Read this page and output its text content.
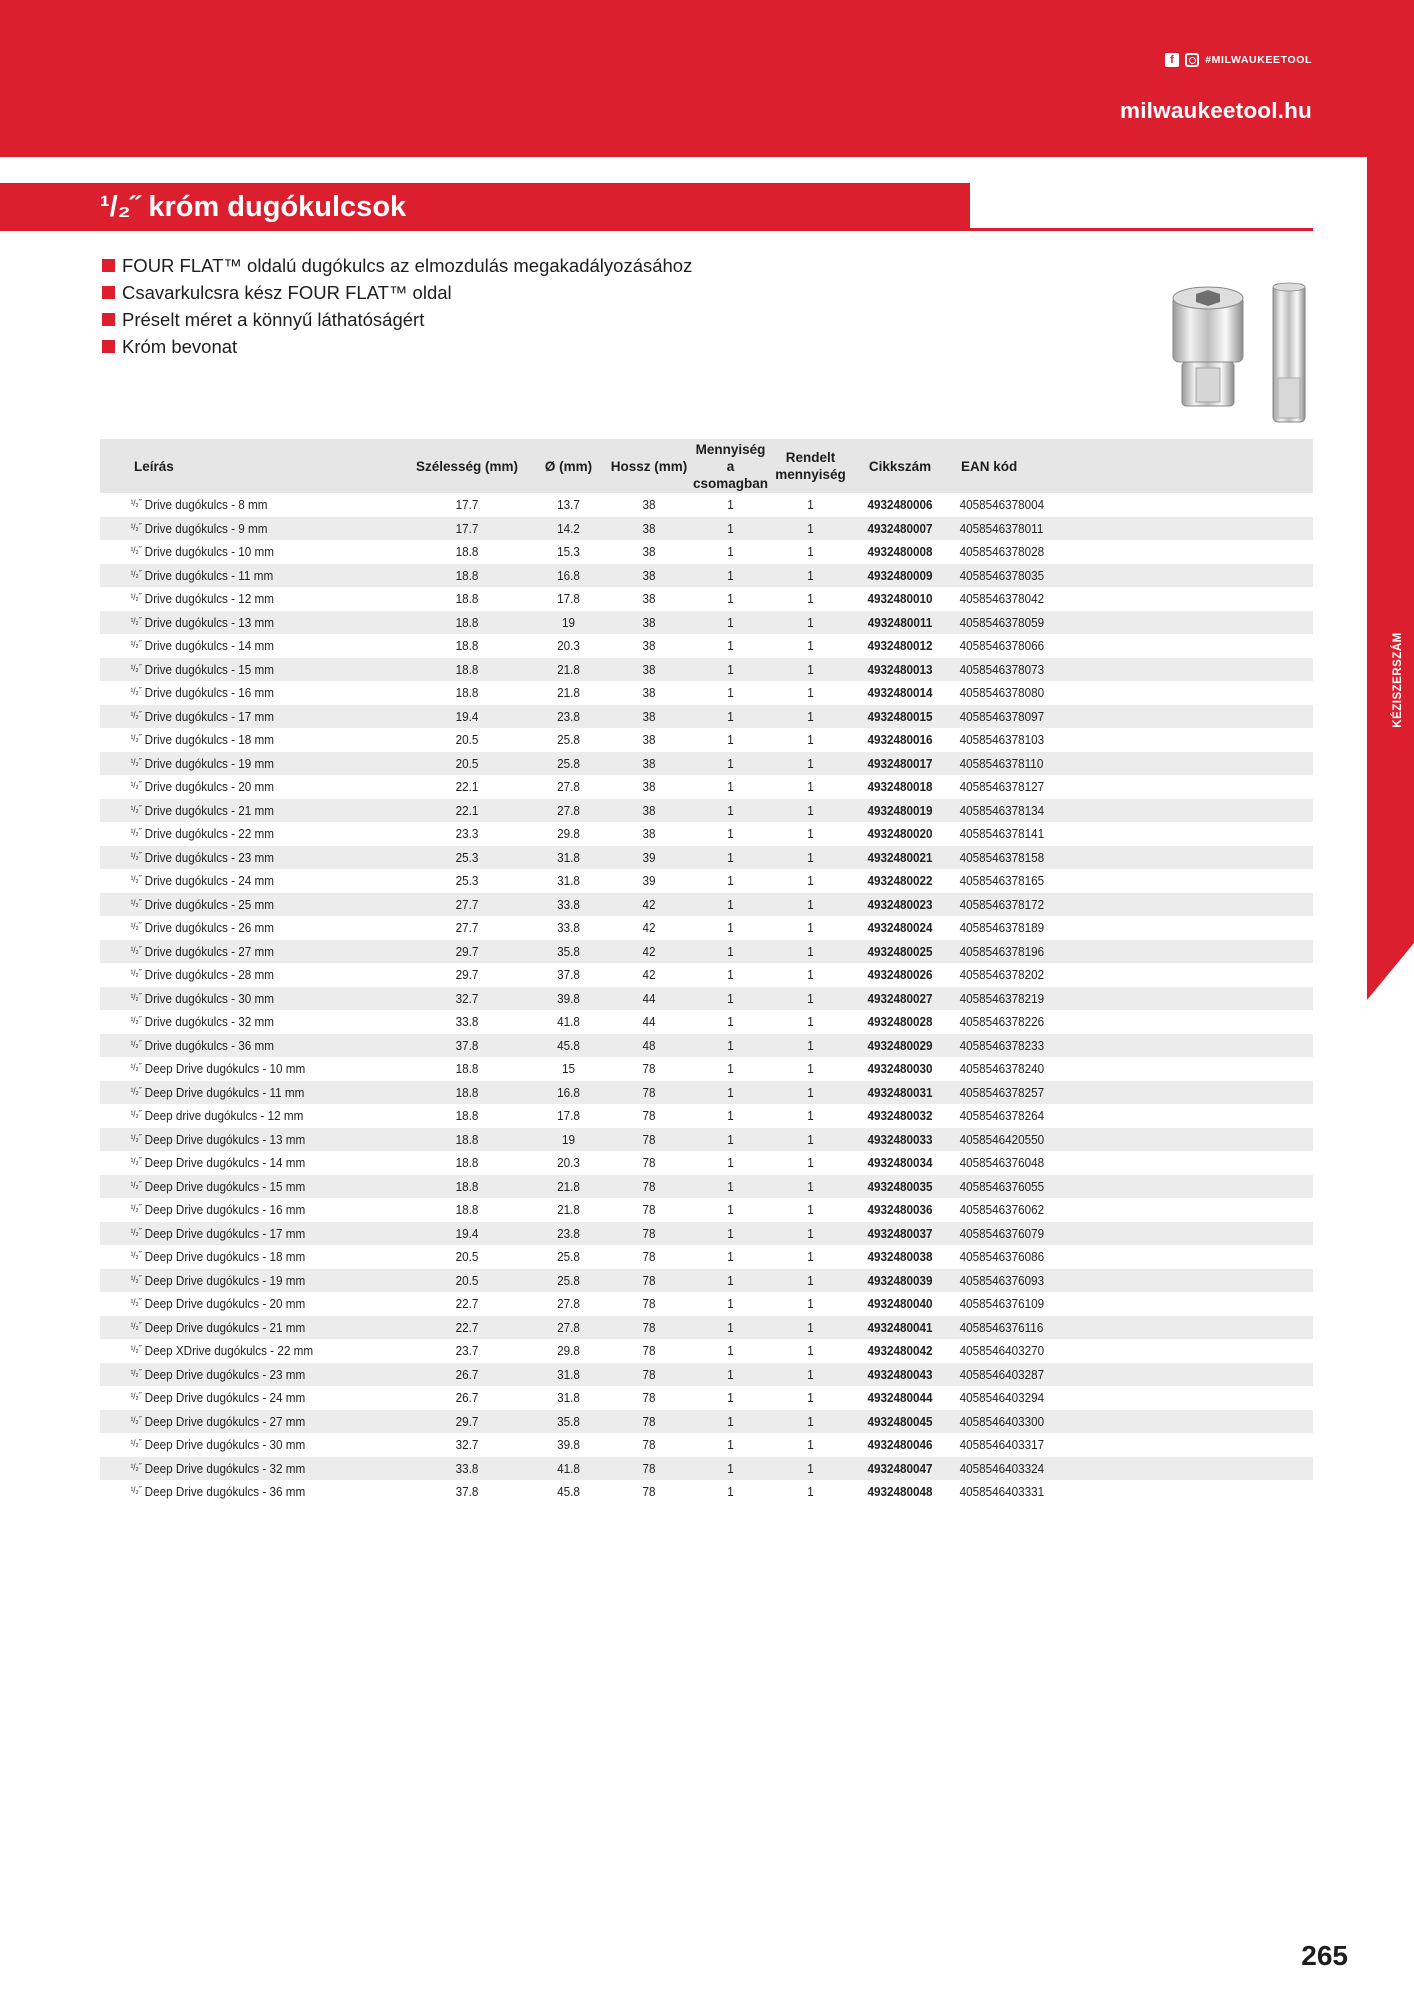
f	#MILWAUKEETOOL
milwaukeetool.hu
KÉZISZERSZÁM
¹/₂˝ króm dugókulcsok
FOUR FLAT™ oldalú dugókulcs az elmozdulás megakadályozásához
Csavarkulcsra kész FOUR FLAT™ oldal
Préselt méret a könnyű láthatóságért
Króm bevonat
Leírás	Szélesség (mm)	Ø (mm)	Hossz (mm)	Mennyiség a csomagban	Rendelt mennyiség	Cikkszám	EAN kód
$^{^1/_2˝}$ Drive dugókulcs - 8 mm	17.7	13.7	38	1	1	4932480006	4058546378004
$^{^1/_2˝}$ Drive dugókulcs - 9 mm	17.7	14.2	38	1	1	4932480007	4058546378011
$^{^1/_2˝}$ Drive dugókulcs - 10 mm	18.8	15.3	38	1	1	4932480008	4058546378028
$^{^1/_2˝}$ Drive dugókulcs - 11 mm	18.8	16.8	38	1	1	4932480009	4058546378035
$^{^1/_2˝}$ Drive dugókulcs - 12 mm	18.8	17.8	38	1	1	4932480010	4058546378042
$^{^1/_2˝}$ Drive dugókulcs - 13 mm	18.8	19	38	1	1	4932480011	4058546378059
$^{^1/_2˝}$ Drive dugókulcs - 14 mm	18.8	20.3	38	1	1	4932480012	4058546378066
$^{^1/_2˝}$ Drive dugókulcs - 15 mm	18.8	21.8	38	1	1	4932480013	4058546378073
$^{^1/_2˝}$ Drive dugókulcs - 16 mm	18.8	21.8	38	1	1	4932480014	4058546378080
$^{^1/_2˝}$ Drive dugókulcs - 17 mm	19.4	23.8	38	1	1	4932480015	4058546378097
$^{^1/_2˝}$ Drive dugókulcs - 18 mm	20.5	25.8	38	1	1	4932480016	4058546378103
$^{^1/_2˝}$ Drive dugókulcs - 19 mm	20.5	25.8	38	1	1	4932480017	4058546378110
$^{^1/_2˝}$ Drive dugókulcs - 20 mm	22.1	27.8	38	1	1	4932480018	4058546378127
$^{^1/_2˝}$ Drive dugókulcs - 21 mm	22.1	27.8	38	1	1	4932480019	4058546378134
$^{^1/_2˝}$ Drive dugókulcs - 22 mm	23.3	29.8	38	1	1	4932480020	4058546378141
$^{^1/_2˝}$ Drive dugókulcs - 23 mm	25.3	31.8	39	1	1	4932480021	4058546378158
$^{^1/_2˝}$ Drive dugókulcs - 24 mm	25.3	31.8	39	1	1	4932480022	4058546378165
$^{^1/_2˝}$ Drive dugókulcs - 25 mm	27.7	33.8	42	1	1	4932480023	4058546378172
$^{^1/_2˝}$ Drive dugókulcs - 26 mm	27.7	33.8	42	1	1	4932480024	4058546378189
$^{^1/_2˝}$ Drive dugókulcs - 27 mm	29.7	35.8	42	1	1	4932480025	4058546378196
$^{^1/_2˝}$ Drive dugókulcs - 28 mm	29.7	37.8	42	1	1	4932480026	4058546378202
$^{^1/_2˝}$ Drive dugókulcs - 30 mm	32.7	39.8	44	1	1	4932480027	4058546378219
$^{^1/_2˝}$ Drive dugókulcs - 32 mm	33.8	41.8	44	1	1	4932480028	4058546378226
$^{^1/_2˝}$ Drive dugókulcs - 36 mm	37.8	45.8	48	1	1	4932480029	4058546378233
$^{^1/_2˝}$ Deep Drive dugókulcs - 10 mm	18.8	15	78	1	1	4932480030	4058546378240
$^{^1/_2˝}$ Deep Drive dugókulcs - 11 mm	18.8	16.8	78	1	1	4932480031	4058546378257
$^{^1/_2˝}$ Deep drive dugókulcs - 12 mm	18.8	17.8	78	1	1	4932480032	4058546378264
$^{^1/_2˝}$ Deep Drive dugókulcs - 13 mm	18.8	19	78	1	1	4932480033	4058546420550
$^{^1/_2˝}$ Deep Drive dugókulcs - 14 mm	18.8	20.3	78	1	1	4932480034	4058546376048
$^{^1/_2˝}$ Deep Drive dugókulcs - 15 mm	18.8	21.8	78	1	1	4932480035	4058546376055
$^{^1/_2˝}$ Deep Drive dugókulcs - 16 mm	18.8	21.8	78	1	1	4932480036	4058546376062
$^{^1/_2˝}$ Deep Drive dugókulcs - 17 mm	19.4	23.8	78	1	1	4932480037	4058546376079
$^{^1/_2˝}$ Deep Drive dugókulcs - 18 mm	20.5	25.8	78	1	1	4932480038	4058546376086
$^{^1/_2˝}$ Deep Drive dugókulcs - 19 mm	20.5	25.8	78	1	1	4932480039	4058546376093
$^{^1/_2˝}$ Deep Drive dugókulcs - 20 mm	22.7	27.8	78	1	1	4932480040	4058546376109
$^{^1/_2˝}$ Deep Drive dugókulcs - 21 mm	22.7	27.8	78	1	1	4932480041	4058546376116
$^{^1/_2˝}$ Deep XDrive dugókulcs - 22 mm	23.7	29.8	78	1	1	4932480042	4058546403270
$^{^1/_2˝}$ Deep Drive dugókulcs - 23 mm	26.7	31.8	78	1	1	4932480043	4058546403287
$^{^1/_2˝}$ Deep Drive dugókulcs - 24 mm	26.7	31.8	78	1	1	4932480044	4058546403294
$^{^1/_2˝}$ Deep Drive dugókulcs - 27 mm	29.7	35.8	78	1	1	4932480045	4058546403300
$^{^1/_2˝}$ Deep Drive dugókulcs - 30 mm	32.7	39.8	78	1	1	4932480046	4058546403317
$^{^1/_2˝}$ Deep Drive dugókulcs - 32 mm	33.8	41.8	78	1	1	4932480047	4058546403324
$^{^1/_2˝}$ Deep Drive dugókulcs - 36 mm	37.8	45.8	78	1	1	4932480048	4058546403331
265
